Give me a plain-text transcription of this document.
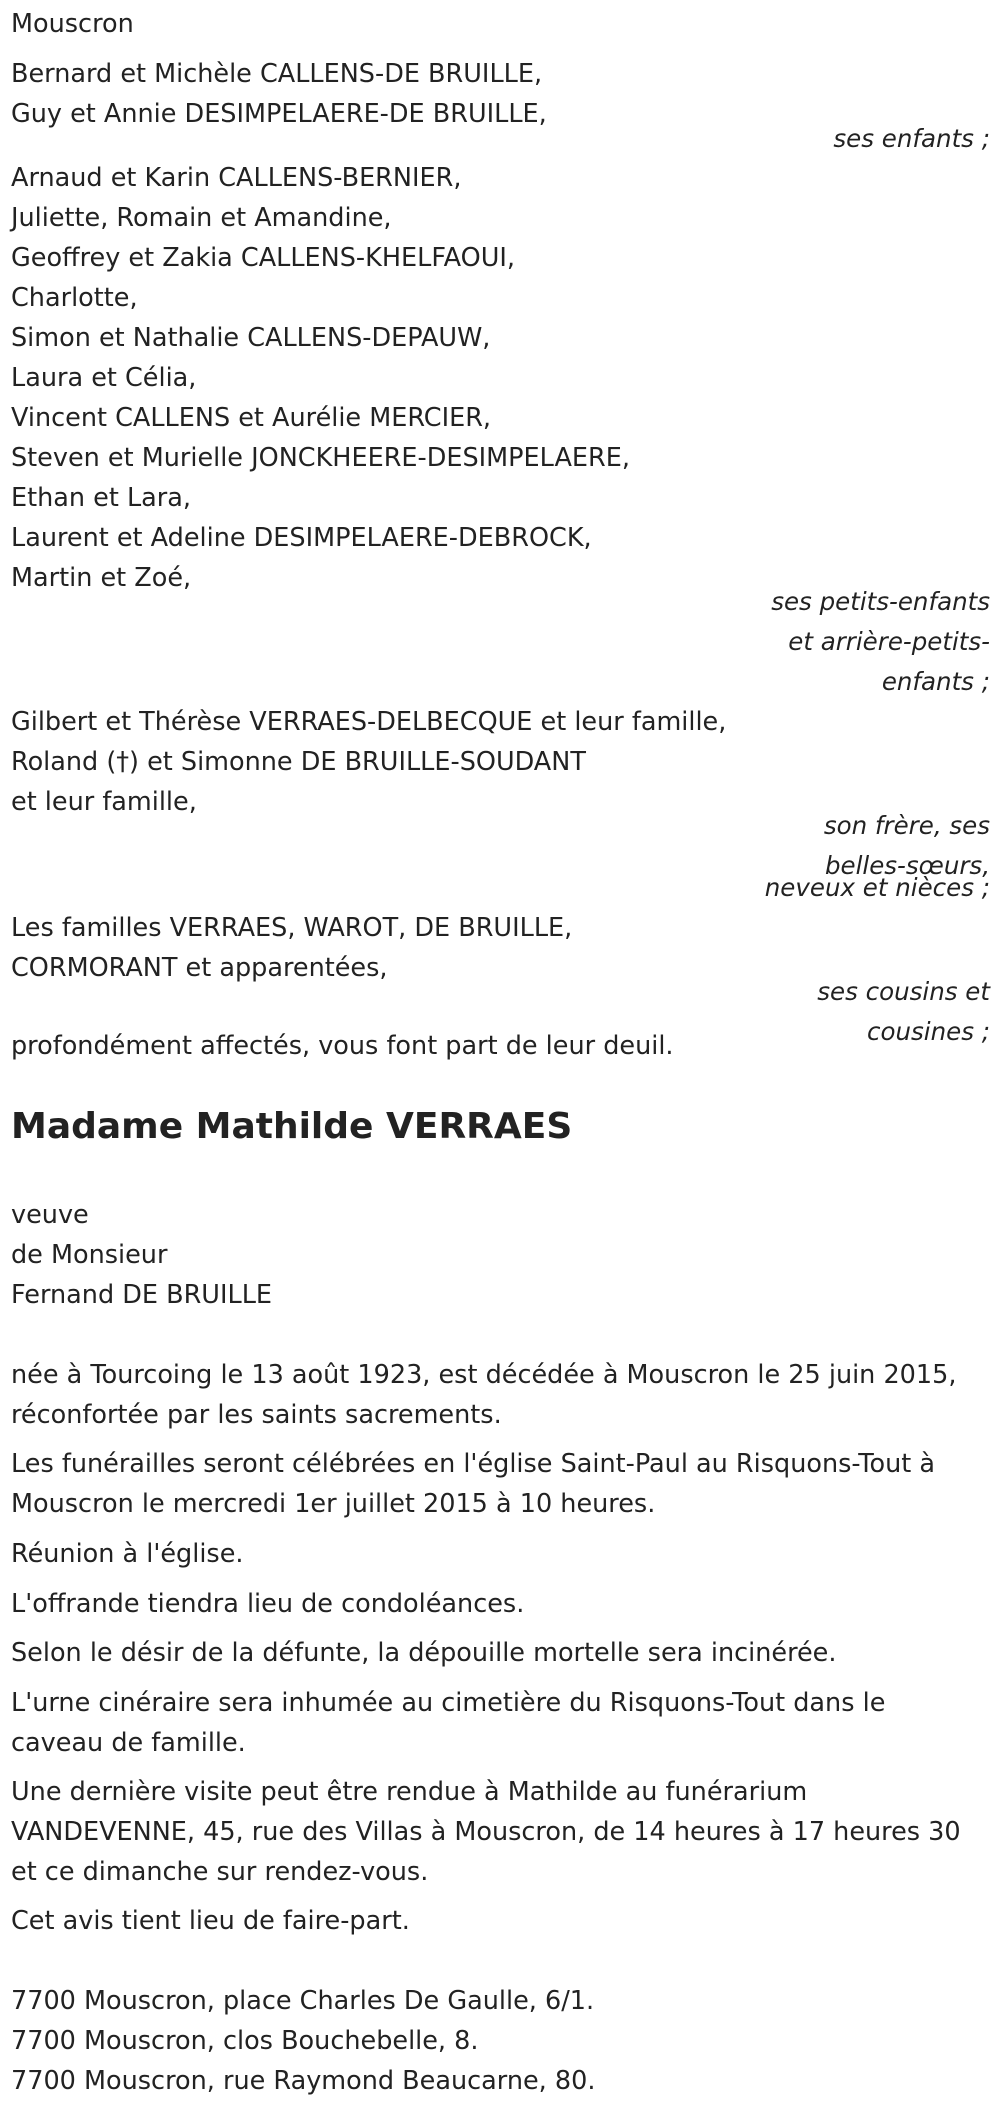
Mouscron
Bernard et Michèle CALLENS-DE BRUILLE,
Guy et Annie DESIMPELAERE-DE BRUILLE,
ses enfants ;
Arnaud et Karin CALLENS-BERNIER,
Juliette, Romain et Amandine,
Geoffrey et Zakia CALLENS-KHELFAOUI,
Charlotte,
Simon et Nathalie CALLENS-DEPAUW,
Laura et Célia,
Vincent CALLENS et Aurélie MERCIER,
Steven et Murielle JONCKHEERE-DESIMPELAERE,
Ethan et Lara,
Laurent et Adeline DESIMPELAERE-DEBROCK,
Martin et Zoé,
ses petits-enfants
et arrière-petits-
enfants ;
Gilbert et Thérèse VERRAES-DELBECQUE et leur famille,
Roland (†) et Simonne DE BRUILLE-SOUDANT
et leur famille,
son frère, ses
belles-sœurs,
neveux et nièces ;
Les familles VERRAES, WAROT, DE BRUILLE,
CORMORANT et apparentées,
ses cousins et
cousines ;
profondément affectés, vous font part de leur deuil.
Madame Mathilde VERRAES
veuve
de Monsieur
Fernand DE BRUILLE
née à Tourcoing le 13 août 1923, est décédée à Mouscron le 25 juin 2015,
réconfortée par les saints sacrements.
Les funérailles seront célébrées en l'église Saint-Paul au Risquons-Tout à
Mouscron le mercredi 1er juillet 2015 à 10 heures.
Réunion à l'église.
L'offrande tiendra lieu de condoléances.
Selon le désir de la défunte, la dépouille mortelle sera incinérée.
L'urne cinéraire sera inhumée au cimetière du Risquons-Tout dans le
caveau de famille.
Une dernière visite peut être rendue à Mathilde au funérarium
VANDEVENNE, 45, rue des Villas à Mouscron, de 14 heures à 17 heures 30
et ce dimanche sur rendez-vous.
Cet avis tient lieu de faire-part.
7700 Mouscron, place Charles De Gaulle, 6/1.
7700 Mouscron, clos Bouchebelle, 8.
7700 Mouscron, rue Raymond Beaucarne, 80.
